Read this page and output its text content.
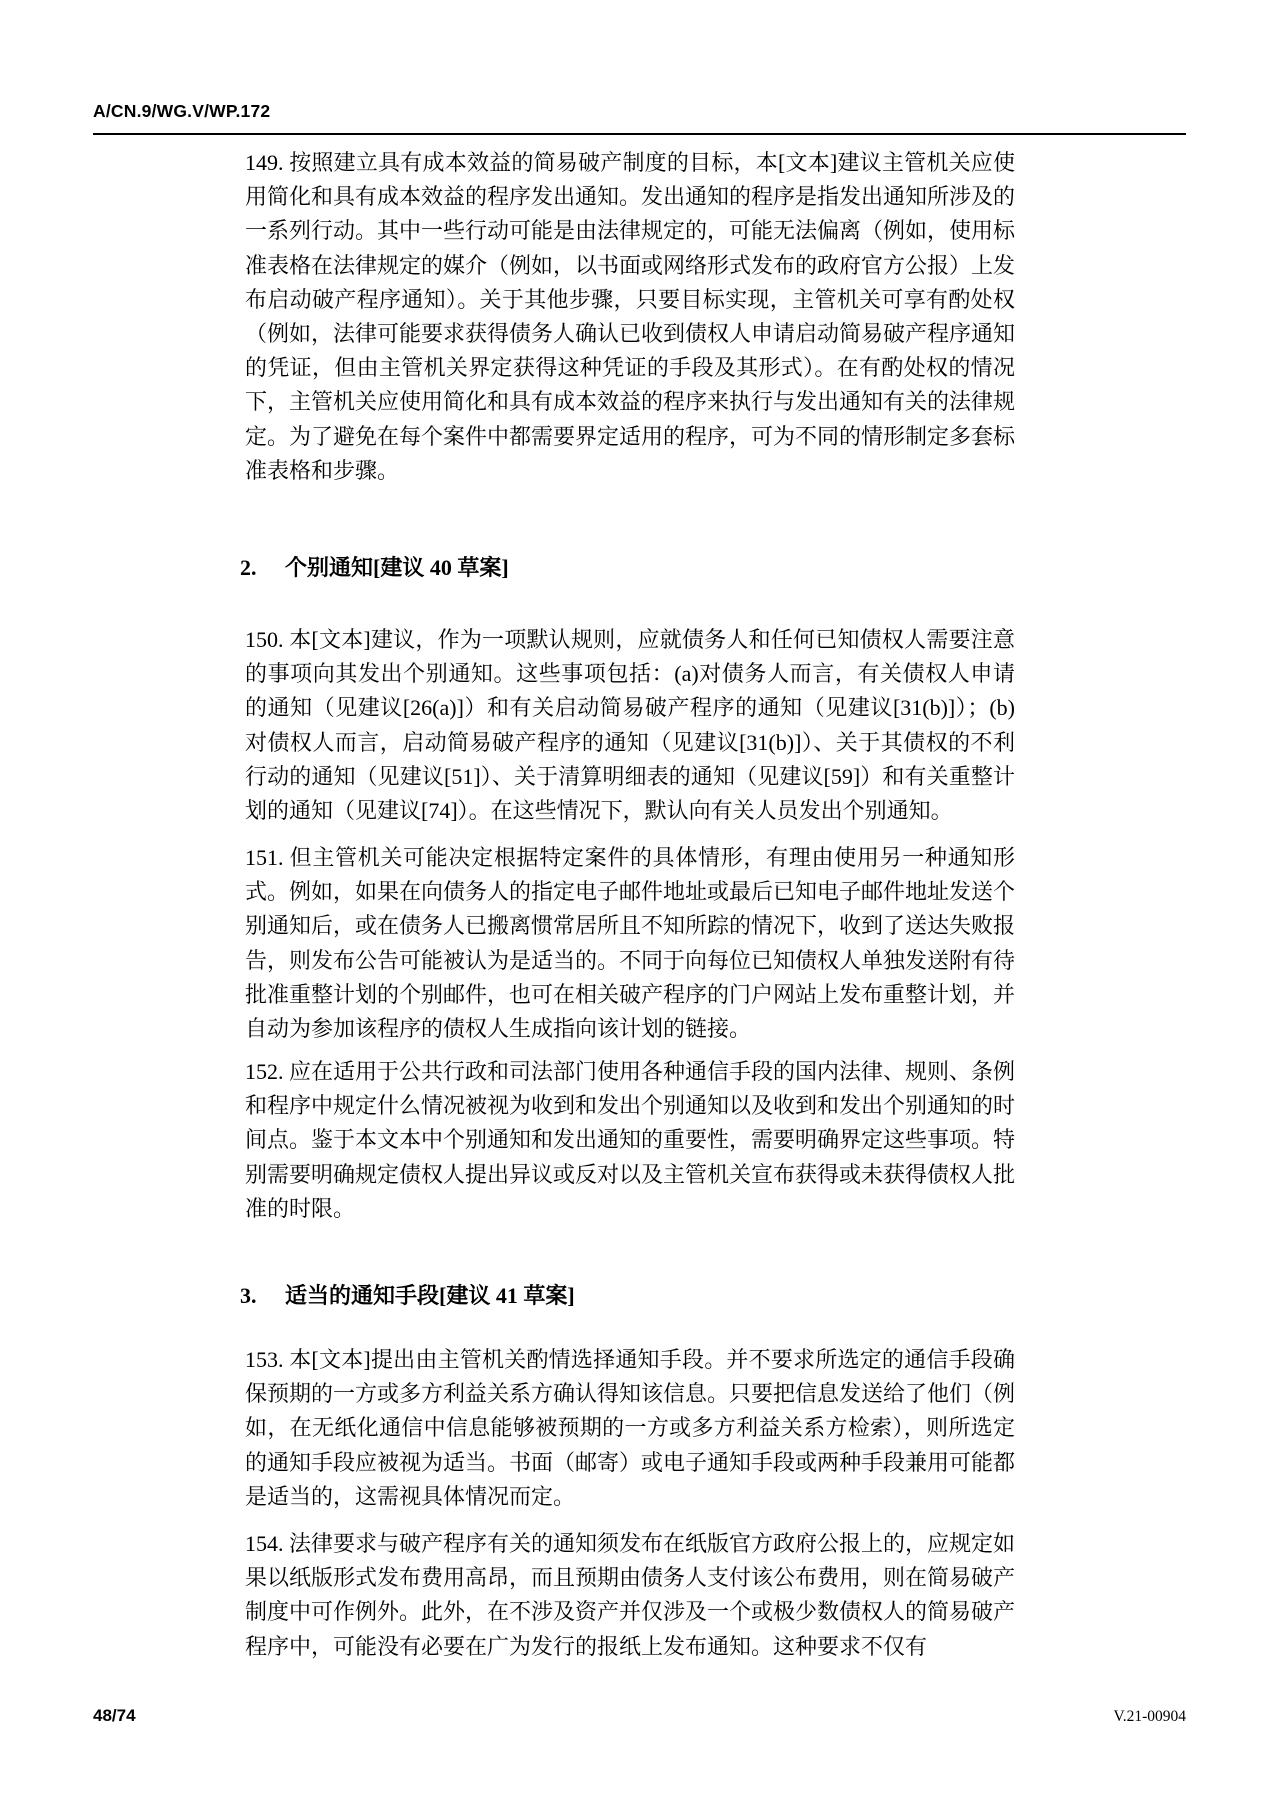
A/CN.9/WG.V/WP.172

149. 按照建立具有成本效益的简易破产制度的目标，本[文本]建议主管机关应使用简化和具有成本效益的程序发出通知。发出通知的程序是指发出通知所涉及的一系列行动。其中一些行动可能是由法律规定的，可能无法偏离（例如，使用标准表格在法律规定的媒介（例如，以书面或网络形式发布的政府官方公报）上发布启动破产程序通知）。关于其他步骤，只要目标实现，主管机关可享有酌处权（例如，法律可能要求获得债务人确认已收到债权人申请启动简易破产程序通知的凭证，但由主管机关界定获得这种凭证的手段及其形式）。在有酌处权的情况下，主管机关应使用简化和具有成本效益的程序来执行与发出通知有关的法律规定。为了避免在每个案件中都需要界定适用的程序，可为不同的情形制定多套标准表格和步骤。

2. 个别通知[建议 40 草案]

150. 本[文本]建议，作为一项默认规则，应就债务人和任何已知债权人需要注意的事项向其发出个别通知。这些事项包括：(a)对债务人而言，有关债权人申请的通知（见建议[26(a)]）和有关启动简易破产程序的通知（见建议[31(b)]）；(b)对债权人而言，启动简易破产程序的通知（见建议[31(b)]）、关于其债权的不利行动的通知（见建议[51]）、关于清算明细表的通知（见建议[59]）和有关重整计划的通知（见建议[74]）。在这些情况下，默认向有关人员发出个别通知。

151. 但主管机关可能决定根据特定案件的具体情形，有理由使用另一种通知形式。例如，如果在向债务人的指定电子邮件地址或最后已知电子邮件地址发送个别通知后，或在债务人已搬离惯常居所且不知所踪的情况下，收到了送达失败报告，则发布公告可能被认为是适当的。不同于向每位已知债权人单独发送附有待批准重整计划的个别邮件，也可在相关破产程序的门户网站上发布重整计划，并自动为参加该程序的债权人生成指向该计划的链接。

152. 应在适用于公共行政和司法部门使用各种通信手段的国内法律、规则、条例和程序中规定什么情况被视为收到和发出个别通知以及收到和发出个别通知的时间点。鉴于本文本中个别通知和发出通知的重要性，需要明确界定这些事项。特别需要明确规定债权人提出异议或反对以及主管机关宣布获得或未获得债权人批准的时限。

3. 适当的通知手段[建议 41 草案]

153. 本[文本]提出由主管机关酌情选择通知手段。并不要求所选定的通信手段确保预期的一方或多方利益关系方确认得知该信息。只要把信息发送给了他们（例如，在无纸化通信中信息能够被预期的一方或多方利益关系方检索），则所选定的通知手段应被视为适当。书面（邮寄）或电子通知手段或两种手段兼用可能都是适当的，这需视具体情况而定。

154. 法律要求与破产程序有关的通知须发布在纸版官方政府公报上的，应规定如果以纸版形式发布费用高昂，而且预期由债务人支付该公布费用，则在简易破产制度中可作例外。此外，在不涉及资产并仅涉及一个或极少数债权人的简易破产程序中，可能没有必要在广为发行的报纸上发布通知。这种要求不仅有

48/74	V.21-00904
